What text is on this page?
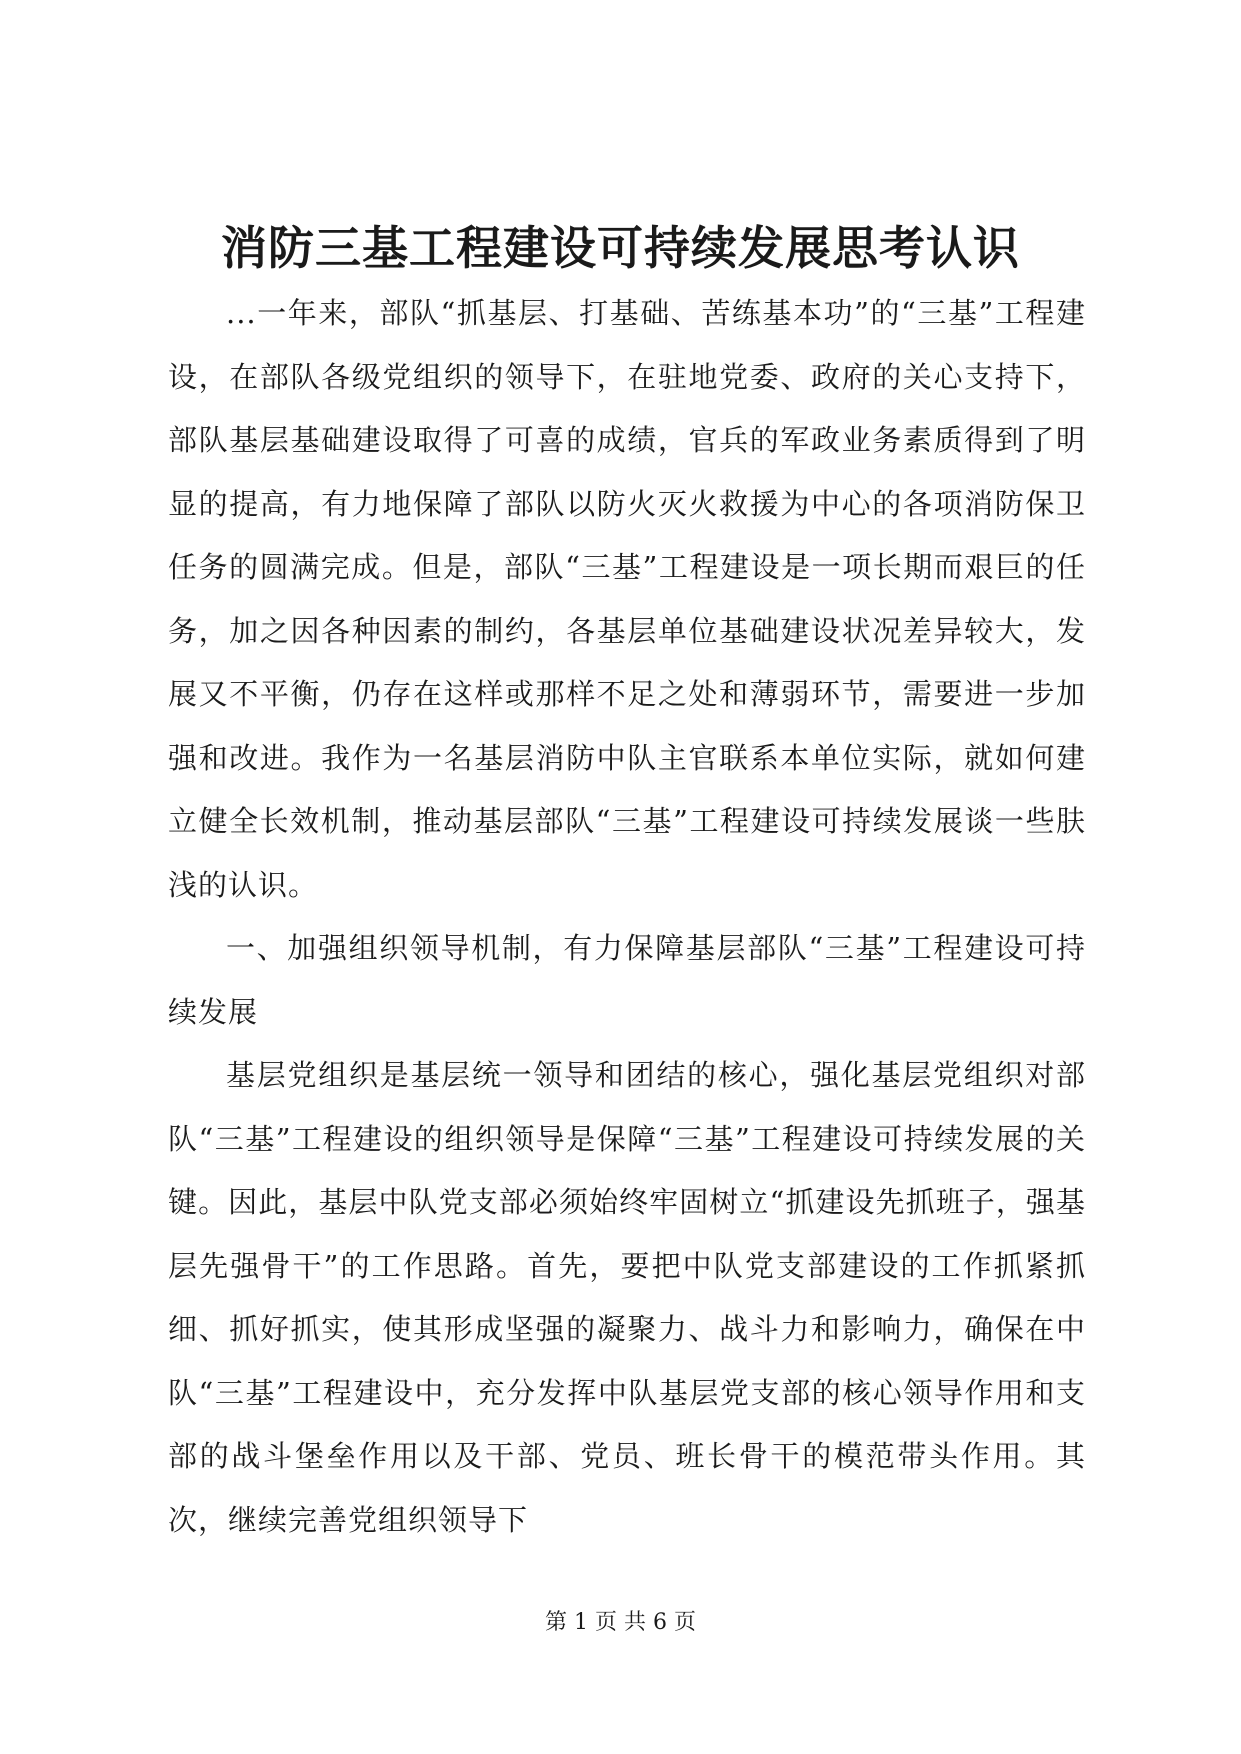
消防三基工程建设可持续发展思考认识

...一年来，部队“抓基层、打基础、苦练基本功”的“三基”工程建设，在部队各级党组织的领导下，在驻地党委、政府的关心支持下，部队基层基础建设取得了可喜的成绩，官兵的军政业务素质得到了明显的提高，有力地保障了部队以防火灭火救援为中心的各项消防保卫任务的圆满完成。但是，部队“三基”工程建设是一项长期而艰巨的任务，加之因各种因素的制约，各基层单位基础建设状况差异较大，发展又不平衡，仍存在这样或那样不足之处和薄弱环节，需要进一步加强和改进。我作为一名基层消防中队主官联系本单位实际，就如何建立健全长效机制，推动基层部队“三基”工程建设可持续发展谈一些肤浅的认识。

一、加强组织领导机制，有力保障基层部队“三基”工程建设可持续发展

基层党组织是基层统一领导和团结的核心，强化基层党组织对部队“三基”工程建设的组织领导是保障“三基”工程建设可持续发展的关键。因此，基层中队党支部必须始终牢固树立“抓建设先抓班子，强基层先强骨干”的工作思路。首先，要把中队党支部建设的工作抓紧抓细、抓好抓实，使其形成坚强的凝聚力、战斗力和影响力，确保在中队“三基”工程建设中，充分发挥中队基层党支部的核心领导作用和支部的战斗堡垒作用以及干部、党员、班长骨干的模范带头作用。其次，继续完善党组织领导下

第 1 页 共 6 页
